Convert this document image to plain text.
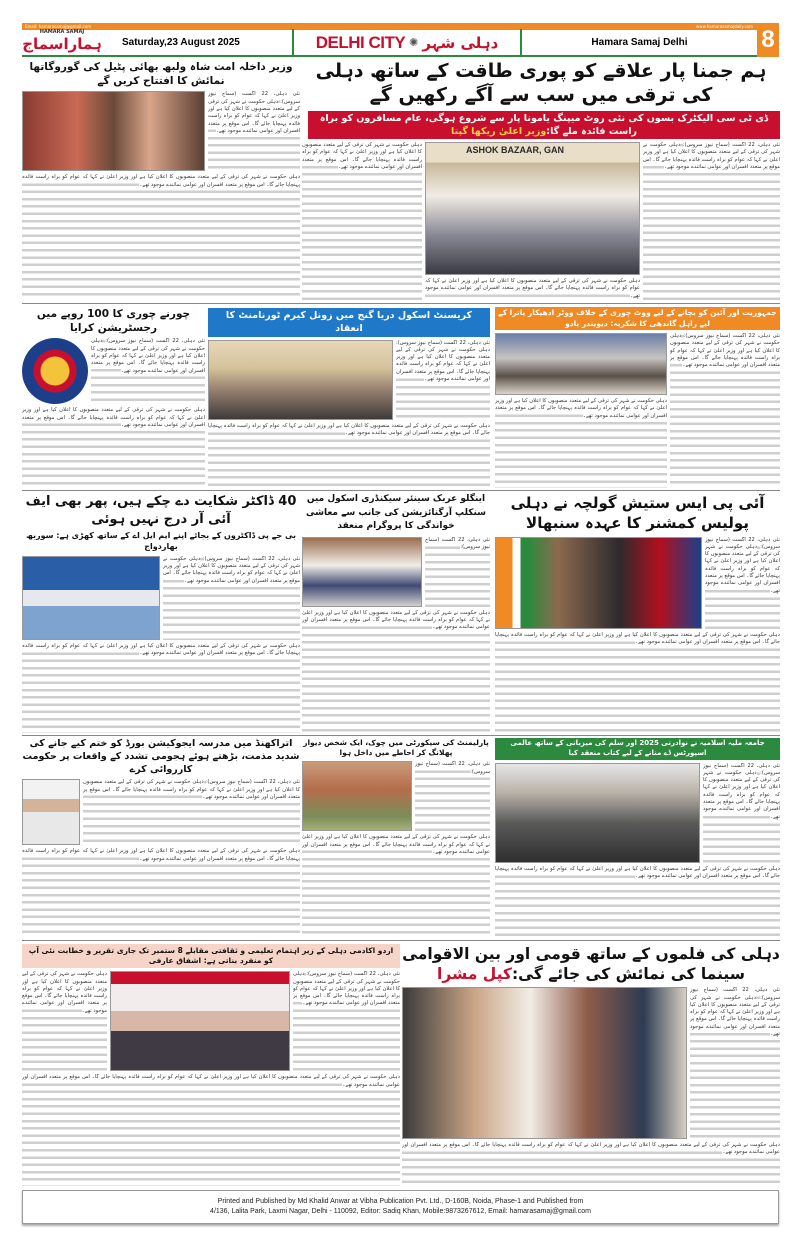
Email: hamarasamaj@gmail.com	www.hamarasamajdaily.com
HAMARA SAMAJ
ہماراسماج	Saturday,23 August 2025	DELHI CITY ✺ دہلی شہر	Hamara Samaj Delhi	8
وزیر داخلہ امت شاہ ولبھ بھائی پٹیل کی گوروگاتھا نمائش کا افتتاح کریں گے
نئی دہلی، 22 اگست (سماج نیوز سروس): دہلی حکومت نے شہر کی ترقی کے لیے متعدد منصوبوں کا اعلان کیا ہے اور وزیر اعلیٰ نے کہا کہ عوام کو براہ راست فائدہ پہنچایا جائے گا۔ اس موقع پر متعدد افسران اور عوامی نمائندے موجود تھے۔
دہلی حکومت نے شہر کی ترقی کے لیے متعدد منصوبوں کا اعلان کیا ہے اور وزیر اعلیٰ نے کہا کہ عوام کو براہ راست فائدہ پہنچایا جائے گا۔ اس موقع پر متعدد افسران اور عوامی نمائندے موجود تھے۔
ہم جمنا پار علاقے کو پوری طاقت کے ساتھ دہلی کی ترقی میں سب سے آگے رکھیں گے
ڈی ٹی سی الیکٹرک بسوں کی نئی روٹ میپنگ یامونا پار سے شروع ہوگی، عام مسافروں کو براہ راست فائدہ ملے گا:وزیر اعلیٰ ریکھا گپتا
دہلی حکومت نے شہر کی ترقی کے لیے متعدد منصوبوں کا اعلان کیا ہے اور وزیر اعلیٰ نے کہا کہ عوام کو براہ راست فائدہ پہنچایا جائے گا۔ اس موقع پر متعدد افسران اور عوامی نمائندے موجود تھے۔
ASHOK BAZAAR, GAN
دہلی حکومت نے شہر کی ترقی کے لیے متعدد منصوبوں کا اعلان کیا ہے اور وزیر اعلیٰ نے کہا کہ عوام کو براہ راست فائدہ پہنچایا جائے گا۔ اس موقع پر متعدد افسران اور عوامی نمائندے موجود تھے۔
نئی دہلی، 22 اگست (سماج نیوز سروس): دہلی حکومت نے شہر کی ترقی کے لیے متعدد منصوبوں کا اعلان کیا ہے اور وزیر اعلیٰ نے کہا کہ عوام کو براہ راست فائدہ پہنچایا جائے گا۔ اس موقع پر متعدد افسران اور عوامی نمائندے موجود تھے۔
چورنے چوری کا 100 روپے میں رجسٹریشن کرایا
نئی دہلی، 22 اگست (سماج نیوز سروس): دہلی حکومت نے شہر کی ترقی کے لیے متعدد منصوبوں کا اعلان کیا ہے اور وزیر اعلیٰ نے کہا کہ عوام کو براہ راست فائدہ پہنچایا جائے گا۔ اس موقع پر متعدد افسران اور عوامی نمائندے موجود تھے۔
دہلی حکومت نے شہر کی ترقی کے لیے متعدد منصوبوں کا اعلان کیا ہے اور وزیر اعلیٰ نے کہا کہ عوام کو براہ راست فائدہ پہنچایا جائے گا۔ اس موقع پر متعدد افسران اور عوامی نمائندے موجود تھے۔
کریسنٹ اسکول دریا گنج میں زونل کیرم ٹورنامنٹ کا انعقاد
نئی دہلی، 22 اگست (سماج نیوز سروس): دہلی حکومت نے شہر کی ترقی کے لیے متعدد منصوبوں کا اعلان کیا ہے اور وزیر اعلیٰ نے کہا کہ عوام کو براہ راست فائدہ پہنچایا جائے گا۔ اس موقع پر متعدد افسران اور عوامی نمائندے موجود تھے۔
دہلی حکومت نے شہر کی ترقی کے لیے متعدد منصوبوں کا اعلان کیا ہے اور وزیر اعلیٰ نے کہا کہ عوام کو براہ راست فائدہ پہنچایا جائے گا۔ اس موقع پر متعدد افسران اور عوامی نمائندے موجود تھے۔
جمہوریت اور آئین کو بچانے کے لیے ووٹ چوری کے خلاف ووٹر ادھیکار یاترا کے لیے راہل گاندھی کا شکریہ: دیویندر یادو
دہلی حکومت نے شہر کی ترقی کے لیے متعدد منصوبوں کا اعلان کیا ہے اور وزیر اعلیٰ نے کہا کہ عوام کو براہ راست فائدہ پہنچایا جائے گا۔ اس موقع پر متعدد افسران اور عوامی نمائندے موجود تھے۔
نئی دہلی، 22 اگست (سماج نیوز سروس): دہلی حکومت نے شہر کی ترقی کے لیے متعدد منصوبوں کا اعلان کیا ہے اور وزیر اعلیٰ نے کہا کہ عوام کو براہ راست فائدہ پہنچایا جائے گا۔ اس موقع پر متعدد افسران اور عوامی نمائندے موجود تھے۔
40 ڈاکٹر شکایت دے چکے ہیں، پھر بھی ایف آئی آر درج نہیں ہوئی
بی جے پی ڈاکٹروں کے بجائے اپنے ایم ایل اے کے ساتھ کھڑی ہے: سوربھ بھاردواج
نئی دہلی، 22 اگست (سماج نیوز سروس): دہلی حکومت نے شہر کی ترقی کے لیے متعدد منصوبوں کا اعلان کیا ہے اور وزیر اعلیٰ نے کہا کہ عوام کو براہ راست فائدہ پہنچایا جائے گا۔ اس موقع پر متعدد افسران اور عوامی نمائندے موجود تھے۔
دہلی حکومت نے شہر کی ترقی کے لیے متعدد منصوبوں کا اعلان کیا ہے اور وزیر اعلیٰ نے کہا کہ عوام کو براہ راست فائدہ پہنچایا جائے گا۔ اس موقع پر متعدد افسران اور عوامی نمائندے موجود تھے۔
اینگلو عربک سینئر سیکنڈری اسکول میں سنکلپ آرگنائزیشن کی جانب سے معاشی خواندگی کا پروگرام منعقد
نئی دہلی، 22 اگست (سماج نیوز سروس):
دہلی حکومت نے شہر کی ترقی کے لیے متعدد منصوبوں کا اعلان کیا ہے اور وزیر اعلیٰ نے کہا کہ عوام کو براہ راست فائدہ پہنچایا جائے گا۔ اس موقع پر متعدد افسران اور عوامی نمائندے موجود تھے۔
آئی پی ایس ستیش گولچہ نے دہلی پولیس کمشنر کا عہدہ سنبھالا
نئی دہلی، 22 اگست (سماج نیوز سروس): دہلی حکومت نے شہر کی ترقی کے لیے متعدد منصوبوں کا اعلان کیا ہے اور وزیر اعلیٰ نے کہا کہ عوام کو براہ راست فائدہ پہنچایا جائے گا۔ اس موقع پر متعدد افسران اور عوامی نمائندے موجود تھے۔
دہلی حکومت نے شہر کی ترقی کے لیے متعدد منصوبوں کا اعلان کیا ہے اور وزیر اعلیٰ نے کہا کہ عوام کو براہ راست فائدہ پہنچایا جائے گا۔ اس موقع پر متعدد افسران اور عوامی نمائندے موجود تھے۔
اتراکھنڈ میں مدرسہ ایجوکیشن بورڈ کو ختم کیے جانے کی شدید مذمت، بڑھتے ہوئے ہجومی تشدد کے واقعات پر حکومت کارروائی کرے
نئی دہلی، 22 اگست (سماج نیوز سروس): دہلی حکومت نے شہر کی ترقی کے لیے متعدد منصوبوں کا اعلان کیا ہے اور وزیر اعلیٰ نے کہا کہ عوام کو براہ راست فائدہ پہنچایا جائے گا۔ اس موقع پر متعدد افسران اور عوامی نمائندے موجود تھے۔
دہلی حکومت نے شہر کی ترقی کے لیے متعدد منصوبوں کا اعلان کیا ہے اور وزیر اعلیٰ نے کہا کہ عوام کو براہ راست فائدہ پہنچایا جائے گا۔ اس موقع پر متعدد افسران اور عوامی نمائندے موجود تھے۔
پارلیمنٹ کی سیکورٹی میں چوک، ایک شخص دیوار پھلانگ کر احاطے میں داخل ہوا
نئی دہلی، 22 اگست (سماج نیوز سروس):
دہلی حکومت نے شہر کی ترقی کے لیے متعدد منصوبوں کا اعلان کیا ہے اور وزیر اعلیٰ نے کہا کہ عوام کو براہ راست فائدہ پہنچایا جائے گا۔ اس موقع پر متعدد افسران اور عوامی نمائندے موجود تھے۔
جامعہ ملیہ اسلامیہ نے نوادرتی 2025 اور سلم کی میزبانی کے ساتھ عالمی اسپورٹس ڈے منانے کے لیے کتاب منعقد کیا
نئی دہلی، 22 اگست (سماج نیوز سروس): دہلی حکومت نے شہر کی ترقی کے لیے متعدد منصوبوں کا اعلان کیا ہے اور وزیر اعلیٰ نے کہا کہ عوام کو براہ راست فائدہ پہنچایا جائے گا۔ اس موقع پر متعدد افسران اور عوامی نمائندے موجود تھے۔
دہلی حکومت نے شہر کی ترقی کے لیے متعدد منصوبوں کا اعلان کیا ہے اور وزیر اعلیٰ نے کہا کہ عوام کو براہ راست فائدہ پہنچایا جائے گا۔ اس موقع پر متعدد افسران اور عوامی نمائندے موجود تھے۔
اردو اکادمی دہلی کے زیر اہتمام تعلیمی و ثقافتی مقابلے 8 ستمبر تک جاری تقریر و خطابت نئی آپ کو منفرد بناتی ہے: اشفاق عارفی
دہلی حکومت نے شہر کی ترقی کے لیے متعدد منصوبوں کا اعلان کیا ہے اور وزیر اعلیٰ نے کہا کہ عوام کو براہ راست فائدہ پہنچایا جائے گا۔ اس موقع پر متعدد افسران اور عوامی نمائندے موجود تھے۔
نئی دہلی، 22 اگست (سماج نیوز سروس): دہلی حکومت نے شہر کی ترقی کے لیے متعدد منصوبوں کا اعلان کیا ہے اور وزیر اعلیٰ نے کہا کہ عوام کو براہ راست فائدہ پہنچایا جائے گا۔ اس موقع پر متعدد افسران اور عوامی نمائندے موجود تھے۔
دہلی حکومت نے شہر کی ترقی کے لیے متعدد منصوبوں کا اعلان کیا ہے اور وزیر اعلیٰ نے کہا کہ عوام کو براہ راست فائدہ پہنچایا جائے گا۔ اس موقع پر متعدد افسران اور عوامی نمائندے موجود تھے۔
دہلی کی فلموں کے ساتھ قومی اور بین الاقوامی سینما کی نمائش کی جائے گی:کپل مشرا
نئی دہلی، 22 اگست (سماج نیوز سروس): دہلی حکومت نے شہر کی ترقی کے لیے متعدد منصوبوں کا اعلان کیا ہے اور وزیر اعلیٰ نے کہا کہ عوام کو براہ راست فائدہ پہنچایا جائے گا۔ اس موقع پر متعدد افسران اور عوامی نمائندے موجود تھے۔
دہلی حکومت نے شہر کی ترقی کے لیے متعدد منصوبوں کا اعلان کیا ہے اور وزیر اعلیٰ نے کہا کہ عوام کو براہ راست فائدہ پہنچایا جائے گا۔ اس موقع پر متعدد افسران اور عوامی نمائندے موجود تھے۔
Printed and Published by Md Khalid Anwar at Vibha Publication Pvt. Ltd., D-160B, Noida, Phase-1 and Published from
4/136, Lalita Park, Laxmi Nagar, Delhi - 110092, Editor: Sadiq Khan, Mobile:9873267612, Email: hamarasamaj@gmail.com
